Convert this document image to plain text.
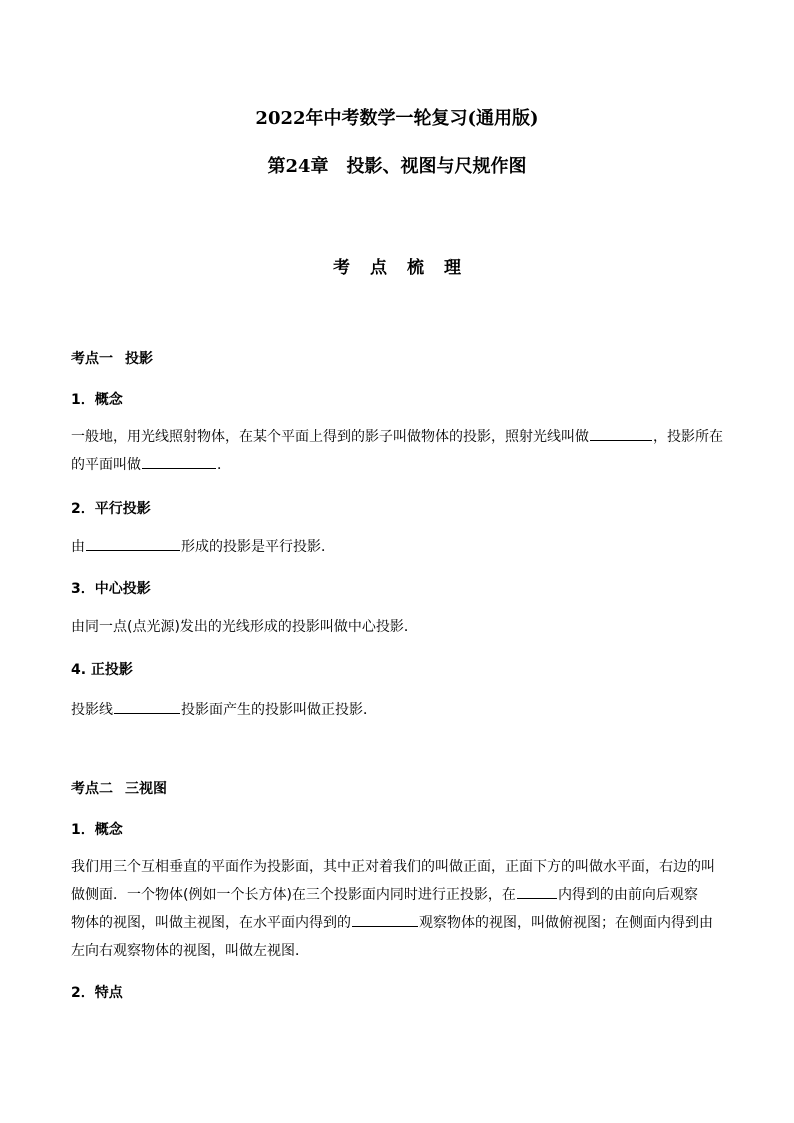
2022年中考数学一轮复习(通用版)
第24章　投影、视图与尺规作图
考 点 梳 理
考点一 投影
1．概念
一般地，用光线照射物体，在某个平面上得到的影子叫做物体的投影，照射光线叫做	，投影所在
的平面叫做	．
2．平行投影
由	形成的投影是平行投影．
3．中心投影
由同一点(点光源)发出的光线形成的投影叫做中心投影．
4. 正投影
投影线	投影面产生的投影叫做正投影．
考点二 三视图
1．概念
我们用三个互相垂直的平面作为投影面，其中正对着我们的叫做正面，正面下方的叫做水平面，右边的叫
做侧面．一个物体(例如一个长方体)在三个投影面内同时进行正投影，在	内得到的由前向后观察
物体的视图，叫做主视图，在水平面内得到的	观察物体的视图，叫做俯视图；在侧面内得到由
左向右观察物体的视图，叫做左视图．
2．特点
